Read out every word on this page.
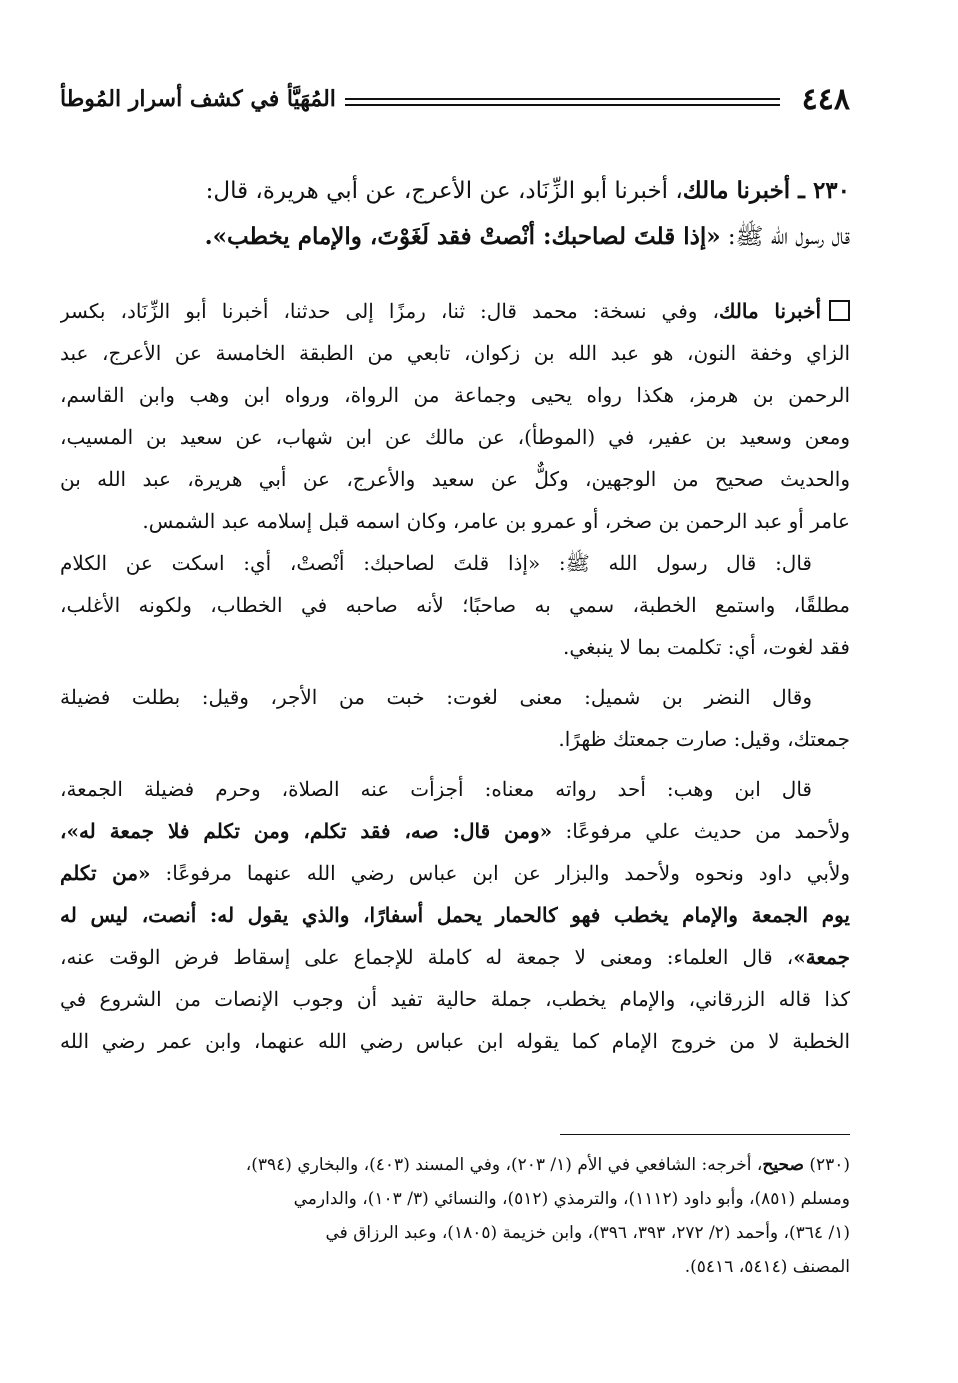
٤٤٨
المُهَيَّأ في كشف أسرار المُوطأ
٢٣٠ ـ أخبرنا مالك، أخبرنا أبو الزِّنَاد، عن الأعرج، عن أبي هريرة، قال:
قال رسول الله ﷺ: «إذا قلتَ لصاحبك: أنْصتْ فقد لَغَوْتَ، والإمام يخطب».

أخبرنا مالك، وفي نسخة: محمد قال: ثنا، رمزًا إلى حدثنا، أخبرنا أبو الزِّنَاد، بكسر
الزاي وخفة النون، هو عبد الله بن زكوان، تابعي من الطبقة الخامسة عن الأعرج، عبد
الرحمن بن هرمز، هكذا رواه يحيى وجماعة من الرواة، ورواه ابن وهب وابن القاسم،
ومعن وسعيد بن عفير، في (الموطأ)، عن مالك عن ابن شهاب، عن سعيد بن المسيب،
والحديث صحيح من الوجهين، وكلٌّ عن سعيد والأعرج، عن أبي هريرة، عبد الله بن
عامر أو عبد الرحمن بن صخر، أو عمرو بن عامر، وكان اسمه قبل إسلامه عبد الشمس.

قال: قال رسول الله ﷺ: «إذا قلتَ لصاحبك: أنْصتْ، أي: اسكت عن الكلام
مطلقًا، واستمع الخطبة، سمي به صاحبًا؛ لأنه صاحبه في الخطاب، ولكونه الأغلب،
فقد لغوت، أي: تكلمت بما لا ينبغي.

وقال النضر بن شميل: معنى لغوت: خبت من الأجر، وقيل: بطلت فضيلة
جمعتك، وقيل: صارت جمعتك ظهرًا.

قال ابن وهب: أحد رواته معناه: أجزأت عنه الصلاة، وحرم فضيلة الجمعة،
ولأحمد من حديث علي مرفوعًا: «ومن قال: صه، فقد تكلم، ومن تكلم فلا جمعة له»،
ولأبي داود ونحوه ولأحمد والبزار عن ابن عباس رضي الله عنهما مرفوعًا: «من تكلم
يوم الجمعة والإمام يخطب فهو كالحمار يحمل أسفارًا، والذي يقول له: أنصت، ليس له
جمعة»، قال العلماء: ومعنى لا جمعة له كاملة للإجماع على إسقاط فرض الوقت عنه،
كذا قاله الزرقاني، والإمام يخطب، جملة حالية تفيد أن وجوب الإنصات من الشروع في
الخطبة لا من خروج الإمام كما يقوله ابن عباس رضي الله عنهما، وابن عمر رضي الله

(٢٣٠) صحيح، أخرجه: الشافعي في الأم (١/ ٢٠٣)، وفي المسند (٤٠٣)، والبخاري (٣٩٤)،
ومسلم (٨٥١)، وأبو داود (١١١٢)، والترمذي (٥١٢)، والنسائي (٣/ ١٠٣)، والدارمي
(١/ ٣٦٤)، وأحمد (٢/ ٢٧٢، ٣٩٣، ٣٩٦)، وابن خزيمة (١٨٠٥)، وعبد الرزاق في
المصنف (٥٤١٤، ٥٤١٦).
